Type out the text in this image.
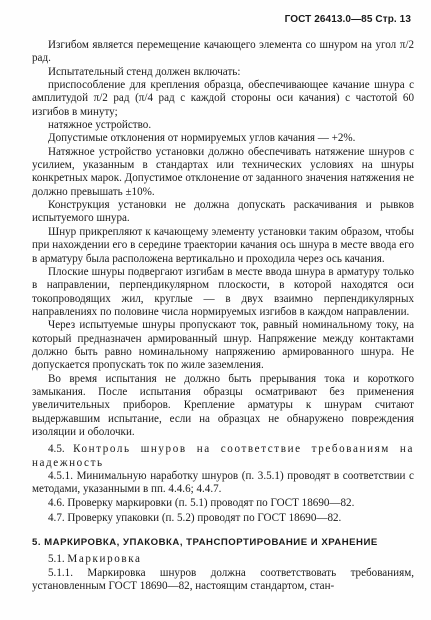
ГОСТ 26413.0—85 Стр. 13

Изгибом является перемещение качающего элемента со шнуром на угол π/2 рад.

Испытательный стенд должен включать:

приспособление для крепления образца, обеспечивающее качание шнура с амплитудой π/2 рад (π/4 рад с каждой стороны оси качания) с частотой 60 изгибов в минуту;

натяжное устройство.

Допустимые отклонения от нормируемых углов качания — +2%.

Натяжное устройство установки должно обеспечивать натяжение шнуров с усилием, указанным в стандартах или технических условиях на шнуры конкретных марок. Допустимое отклонение от заданного значения натяжения не должно превышать ±10%.

Конструкция установки не должна допускать раскачивания и рывков испытуемого шнура.

Шнур прикрепляют к качающему элементу установки таким образом, чтобы при нахождении его в середине траектории качания ось шнура в месте ввода его в арматуру была расположена вертикально и проходила через ось качания.

Плоские шнуры подвергают изгибам в месте ввода шнура в арматуру только в направлении, перпендикулярном плоскости, в которой находятся оси токопроводящих жил, круглые — в двух взаимно перпендикулярных направлениях по половине числа нормируемых изгибов в каждом направлении.

Через испытуемые шнуры пропускают ток, равный номинальному току, на который предназначен армированный шнур. Напряжение между контактами должно быть равно номинальному напряжению армированного шнура. Не допускается пропускать ток по жиле заземления.

Во время испытания не должно быть прерывания тока и короткого замыкания. После испытания образцы осматривают без применения увеличительных приборов. Крепление арматуры к шнурам считают выдержавшим испытание, если на образцах не обнаружено повреждения изоляции и оболочки.

4.5. Контроль шнуров на соответствие требованиям на надежность

4.5.1. Минимальную наработку шнуров (п. 3.5.1) проводят в соответствии с методами, указанными в пп. 4.4.6; 4.4.7.

4.6. Проверку маркировки (п. 5.1) проводят по ГОСТ 18690—82.

4.7. Проверку упаковки (п. 5.2) проводят по ГОСТ 18690—82.

5. МАРКИРОВКА, УПАКОВКА, ТРАНСПОРТИРОВАНИЕ И ХРАНЕНИЕ

5.1. Маркировка

5.1.1. Маркировка шнуров должна соответствовать требованиям, установленным ГОСТ 18690—82, настоящим стандартом, стан-
